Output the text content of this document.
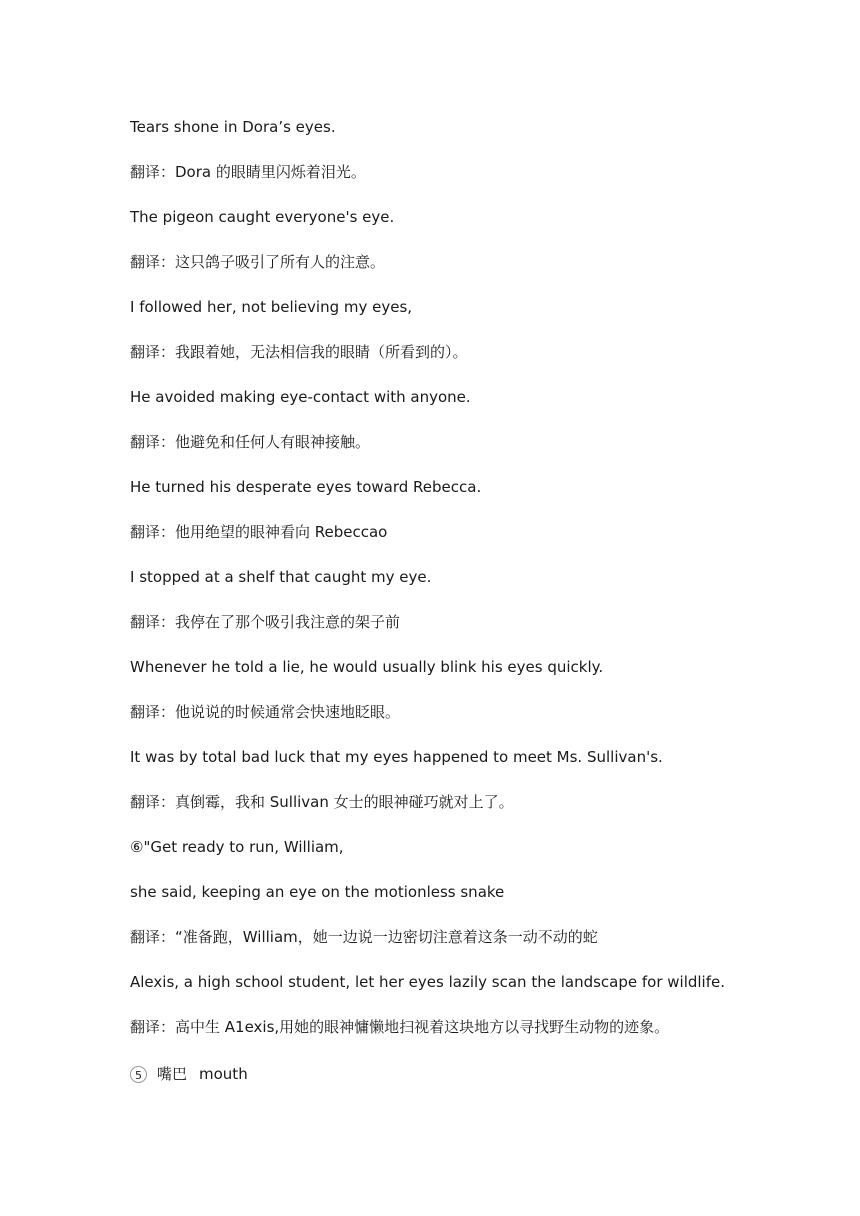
Tears shone in Dora’s eyes.
翻译：Dora 的眼睛里闪烁着泪光。
The pigeon caught everyone's eye.
翻译：这只鸽子吸引了所有人的注意。
I followed her, not believing my eyes,
翻译：我跟着她，无法相信我的眼睛（所看到的）。
He avoided making eye-contact with anyone.
翻译：他避免和任何人有眼神接触。
He turned his desperate eyes toward Rebecca.
翻译：他用绝望的眼神看向 Rebeccao
I stopped at a shelf that caught my eye.
翻译：我停在了那个吸引我注意的架子前
Whenever he told a lie, he would usually blink his eyes quickly.
翻译：他说说的时候通常会快速地眨眼。
It was by total bad luck that my eyes happened to meet Ms. Sullivan's.
翻译：真倒霉，我和 Sullivan 女士的眼神碰巧就对上了。
⑥"Get ready to run, William,
she said, keeping an eye on the motionless snake
翻译：“准备跑，William，她一边说一边密切注意着这条一动不动的蛇
Alexis, a high school student, let her eyes lazily scan the landscape for wildlife.
翻译：高中生 A1exis,用她的眼神慵懒地扫视着这块地方以寻找野生动物的迹象。
5	嘴巴 mouth
